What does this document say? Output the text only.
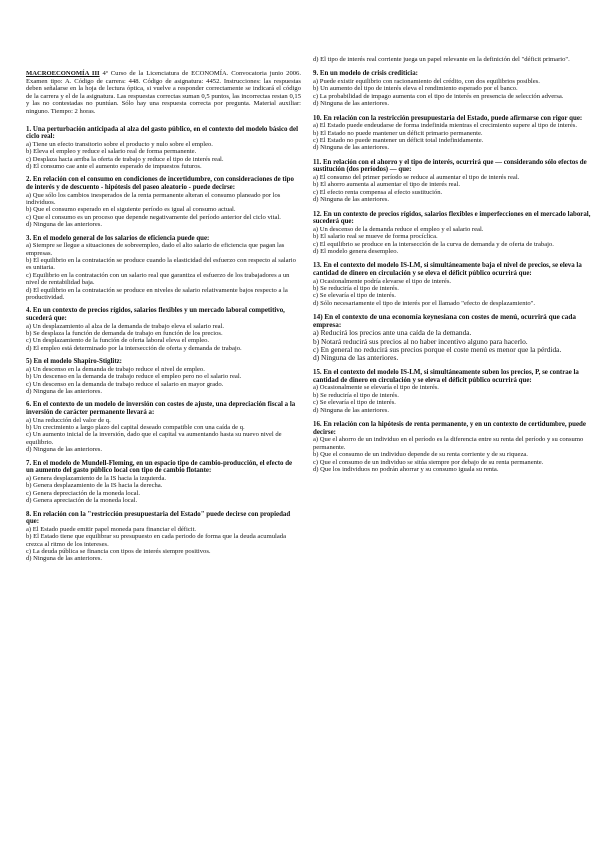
MACROECONOMÍA III 4º Curso de la Licenciatura de ECONOMÍA. Convocatoria junio 2006. Examen tipo: A. Código de carrera: 448. Código de asignatura: 4452. Instrucciones: las respuestas deben señalarse en la hoja de lectura óptica, si vuelve a responder correctamente se indicará el código de la carrera y el de la asignatura. Las respuestas correctas suman 0,5 puntos, las incorrectas restan 0,15 y las no contestadas no puntúan. Sólo hay una respuesta correcta por pregunta. Material auxiliar: ninguno. Tiempo: 2 horas.
1. Una perturbación anticipada al alza del gasto público, en el contexto del modelo básico del ciclo real:
a) Tiene un efecto transitorio sobre el producto y nulo sobre el empleo.
b) Eleva el empleo y reduce el salario real de forma permanente.
c) Desplaza hacia arriba la oferta de trabajo y reduce el tipo de interés real.
d) El consumo cae ante el aumento esperado de impuestos futuros.
2. En relación con el consumo en condiciones de incertidumbre, con consideraciones de tipo de interés y de descuento - hipótesis del paseo aleatorio - puede decirse:
a) Que sólo los cambios inesperados de la renta permanente alteran el consumo planeado por los individuos.
b) Que el consumo esperado en el siguiente período es igual al consumo actual.
c) Que el consumo es un proceso que depende negativamente del período anterior del ciclo vital.
d) Ninguna de las anteriores.
3. En el modelo general de los salarios de eficiencia puede que:
a) Siempre se llegue a situaciones de sobreempleo, dado el alto salario de eficiencia que pagan las empresas.
b) El equilibrio en la contratación se produce cuando la elasticidad del esfuerzo con respecto al salario es unitaria.
c) Equilibrio en la contratación con un salario real que garantiza el esfuerzo de los trabajadores a un nivel de rentabilidad baja.
d) El equilibrio en la contratación se produce en niveles de salario relativamente bajos respecto a la productividad.
4. En un contexto de precios rígidos, salarios flexibles y un mercado laboral competitivo, sucederá que:
a) Un desplazamiento al alza de la demanda de trabajo eleva el salario real.
b) Se desplaza la función de demanda de trabajo en función de los precios.
c) Un desplazamiento de la función de oferta laboral eleva el empleo.
d) El empleo está determinado por la intersección de oferta y demanda de trabajo.
5) En el modelo Shapiro-Stiglitz:
a) Un descenso en la demanda de trabajo reduce el nivel de empleo.
b) Un descenso en la demanda de trabajo reduce el empleo pero no el salario real.
c) Un descenso en la demanda de trabajo reduce el salario en mayor grado.
d) Ninguna de las anteriores.
6. En el contexto de un modelo de inversión con costes de ajuste, una depreciación fiscal a la inversión de carácter permanente llevará a:
a) Una reducción del valor de q.
b) Un crecimiento a largo plazo del capital deseado compatible con una caída de q.
c) Un aumento inicial de la inversión, dado que el capital va aumentando hasta su nuevo nivel de equilibrio.
d) Ninguna de las anteriores.
7. En el modelo de Mundell-Fleming, en un espacio tipo de cambio-producción, el efecto de un aumento del gasto público local con tipo de cambio flotante:
a) Genera desplazamiento de la IS hacia la izquierda.
b) Genera desplazamiento de la IS hacia la derecha.
c) Genera depreciación de la moneda local.
d) Genera apreciación de la moneda local.
8. En relación con la "restricción presupuestaria del Estado" puede decirse con propiedad que:
a) El Estado puede emitir papel moneda para financiar el déficit.
b) El Estado tiene que equilibrar su presupuesto en cada periodo de forma que la deuda acumulada crezca al ritmo de los intereses.
c) La deuda pública se financia con tipos de interés siempre positivos.
d) Ninguna de las anteriores.
d) El tipo de interés real corriente juega un papel relevante en la definición del "déficit primario".
9. En un modelo de crisis crediticia:
a) Puede existir equilibrio con racionamiento del crédito, con dos equilibrios posibles.
b) Un aumento del tipo de interés eleva el rendimiento esperado por el banco.
c) La probabilidad de impago aumenta con el tipo de interés en presencia de selección adversa.
d) Ninguna de las anteriores.
10. En relación con la restricción presupuestaria del Estado, puede afirmarse con rigor que:
a) El Estado puede endeudarse de forma indefinida mientras el crecimiento supere al tipo de interés.
b) El Estado no puede mantener un déficit primario permanente.
c) El Estado no puede mantener un déficit total indefinidamente.
d) Ninguna de las anteriores.
11. En relación con el ahorro y el tipo de interés, ocurrirá que — considerando sólo efectos de sustitución (dos períodos) — que:
a) El consumo del primer período se reduce al aumentar el tipo de interés real.
b) El ahorro aumenta al aumentar el tipo de interés real.
c) El efecto renta compensa al efecto sustitución.
d) Ninguna de las anteriores.
12. En un contexto de precios rígidos, salarios flexibles e imperfecciones en el mercado laboral, sucederá que:
a) Un descenso de la demanda reduce el empleo y el salario real.
b) El salario real se mueve de forma procíclica.
c) El equilibrio se produce en la intersección de la curva de demanda y de oferta de trabajo.
d) El modelo genera desempleo.
13. En el contexto del modelo IS-LM, si simultáneamente baja el nivel de precios, se eleva la cantidad de dinero en circulación y se eleva el déficit público ocurrirá que:
a) Ocasionalmente podría elevarse el tipo de interés.
b) Se reduciría el tipo de interés.
c) Se elevaría el tipo de interés.
d) Sólo necesariamente el tipo de interés por el llamado "efecto de desplazamiento".
14) En el contexto de una economía keynesiana con costes de menú, ocurrirá que cada empresa:
a) Reducirá los precios ante una caída de la demanda.
b) Notará reducirá sus precios al no haber incentivo alguno para hacerlo.
c) En general no reducirá sus precios porque el coste menú es menor que la pérdida.
d) Ninguna de las anteriores.
15. En el contexto del modelo IS-LM, si simultáneamente suben los precios, P, se contrae la cantidad de dinero en circulación y se eleva el déficit público ocurrirá que:
a) Ocasionalmente se elevaría el tipo de interés.
b) Se reduciría el tipo de interés.
c) Se elevaría el tipo de interés.
d) Ninguna de las anteriores.
16. En relación con la hipótesis de renta permanente, y en un contexto de certidumbre, puede decirse:
a) Que el ahorro de un individuo en el período es la diferencia entre su renta del período y su consumo permanente.
b) Que el consumo de un individuo depende de su renta corriente y de su riqueza.
c) Que el consumo de un individuo se sitúa siempre por debajo de su renta permanente.
d) Que los individuos no podrán ahorrar y su consumo iguala su renta.
